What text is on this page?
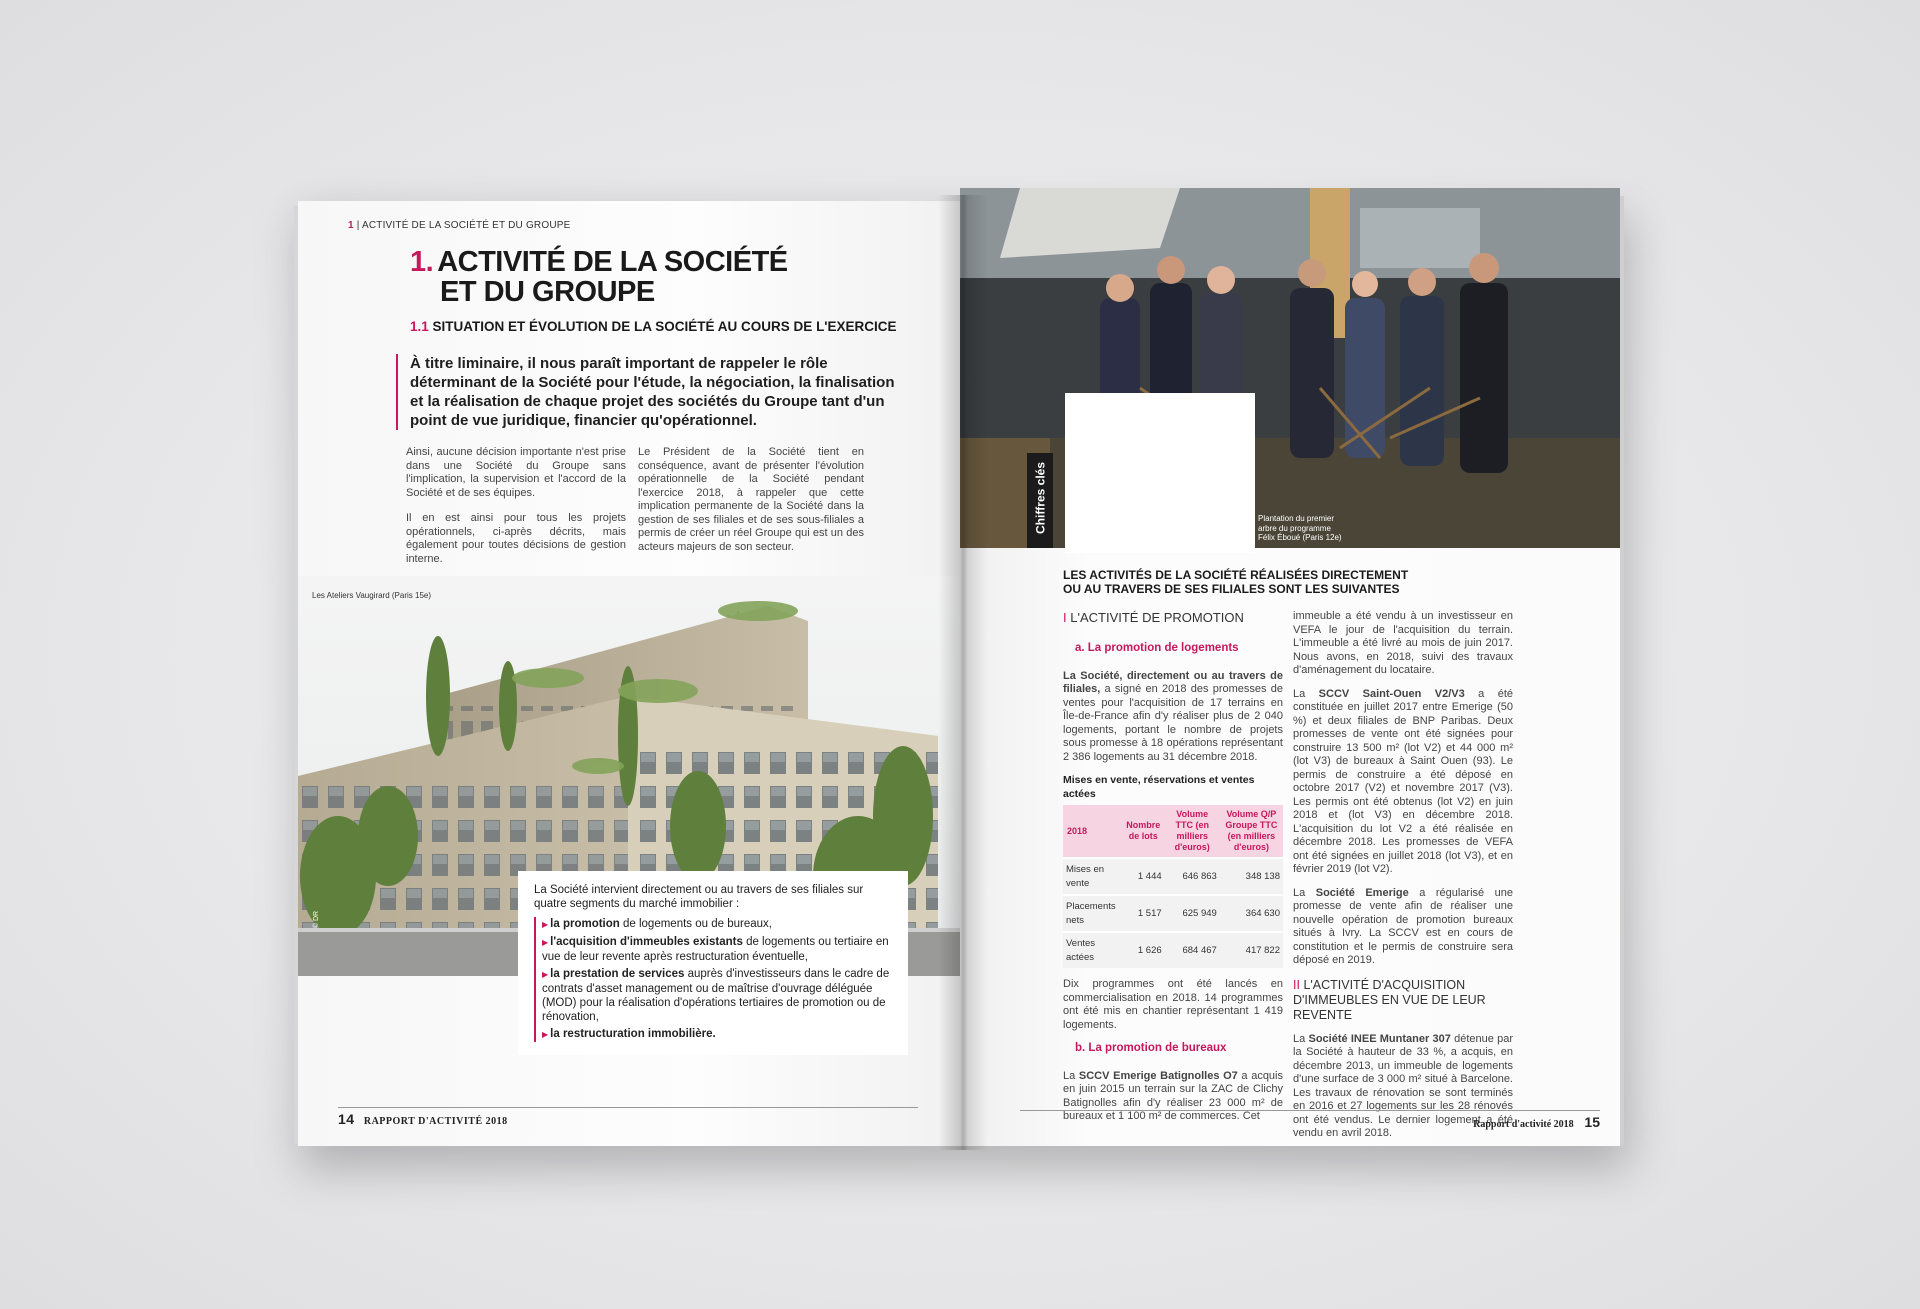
1 | ACTIVITÉ DE LA SOCIÉTÉ ET DU GROUPE
1. ACTIVITÉ DE LA SOCIÉTÉ
ET DU GROUPE
1.1 SITUATION ET ÉVOLUTION DE LA SOCIÉTÉ AU COURS DE L'EXERCICE
À titre liminaire, il nous paraît important de rappeler le rôle déterminant de la Société pour l'étude, la négociation, la finalisation et la réalisation de chaque projet des sociétés du Groupe tant d'un point de vue juridique, financier qu'opérationnel.

Ainsi, aucune décision importante n'est prise dans une Société du Groupe sans l'implication, la supervision et l'accord de la Société et de ses équipes.

Il en est ainsi pour tous les projets opérationnels, ci-après décrits, mais également pour toutes décisions de gestion interne.

Le Président de la Société tient en conséquence, avant de présenter l'évolution opérationnelle de la Société pendant l'exercice 2018, à rappeler que cette implication permanente de la Société dans la gestion de ses filiales et de ses sous-filiales a permis de créer un réel Groupe qui est un des acteurs majeurs de son secteur.

Les Ateliers Vaugirard (Paris 15e)
© DR
La Société intervient directement ou au travers de ses filiales sur quatre segments du marché immobilier :
▶ la promotion de logements ou de bureaux,
▶ l'acquisition d'immeubles existants de logements ou tertiaire en vue de leur revente après restructuration éventuelle,
▶ la prestation de services auprès d'investisseurs dans le cadre de contrats d'asset management ou de maîtrise d'ouvrage déléguée (MOD) pour la réalisation d'opérations tertiaires de promotion ou de rénovation,
▶ la restructuration immobilière.
14 RAPPORT D'ACTIVITÉ 2018
Chiffres clés	Plantation du premier arbre du programme Félix Éboué (Paris 12e)
LES ACTIVITÉS DE LA SOCIÉTÉ RÉALISÉES DIRECTEMENT
OU AU TRAVERS DE SES FILIALES SONT LES SUIVANTES
I L'ACTIVITÉ DE PROMOTION
a. La promotion de logements

La Société, directement ou au travers de filiales, a signé en 2018 des promesses de ventes pour l'acquisition de 17 terrains en Île-de-France afin d'y réaliser plus de 2 040 logements, portant le nombre de projets sous promesse à 18 opérations représentant 2 386 logements au 31 décembre 2018.

Mises en vente, réservations et ventes actées
2018	Nombre de lots	Volume TTC (en milliers d'euros)	Volume Q/P Groupe TTC (en milliers d'euros)
Mises en vente	1 444	646 863	348 138
Placements nets	1 517	625 949	364 630
Ventes actées	1 626	684 467	417 822

Dix programmes ont été lancés en commercialisation en 2018. 14 programmes ont été mis en chantier représentant 1 419 logements.

b. La promotion de bureaux

La SCCV Emerige Batignolles O7 a acquis en juin 2015 un terrain sur la ZAC de Clichy Batignolles afin d'y réaliser 23 000 m² de bureaux et 1 100 m² de commerces. Cet

immeuble a été vendu à un investisseur en VEFA le jour de l'acquisition du terrain. L'immeuble a été livré au mois de juin 2017. Nous avons, en 2018, suivi des travaux d'aménagement du locataire.

La SCCV Saint-Ouen V2/V3 a été constituée en juillet 2017 entre Emerige (50 %) et deux filiales de BNP Paribas. Deux promesses de vente ont été signées pour construire 13 500 m² (lot V2) et 44 000 m² (lot V3) de bureaux à Saint Ouen (93). Le permis de construire a été déposé en octobre 2017 (V2) et novembre 2017 (V3). Les permis ont été obtenus (lot V2) en juin 2018 et (lot V3) en décembre 2018. L'acquisition du lot V2 a été réalisée en décembre 2018. Les promesses de VEFA ont été signées en juillet 2018 (lot V3), et en février 2019 (lot V2).

La Société Emerige a régularisé une promesse de vente afin de réaliser une nouvelle opération de promotion bureaux situés à Ivry. La SCCV est en cours de constitution et le permis de construire sera déposé en 2019.

II L'ACTIVITÉ D'ACQUISITION
D'IMMEUBLES EN VUE DE LEUR REVENTE

La Société INEE Muntaner 307 détenue par la Société à hauteur de 33 %, a acquis, en décembre 2013, un immeuble de logements d'une surface de 3 000 m² situé à Barcelone. Les travaux de rénovation se sont terminés en 2016 et 27 logements sur les 28 rénovés ont été vendus. Le dernier logement a été vendu en avril 2018.

Rapport d'activité 2018 15
